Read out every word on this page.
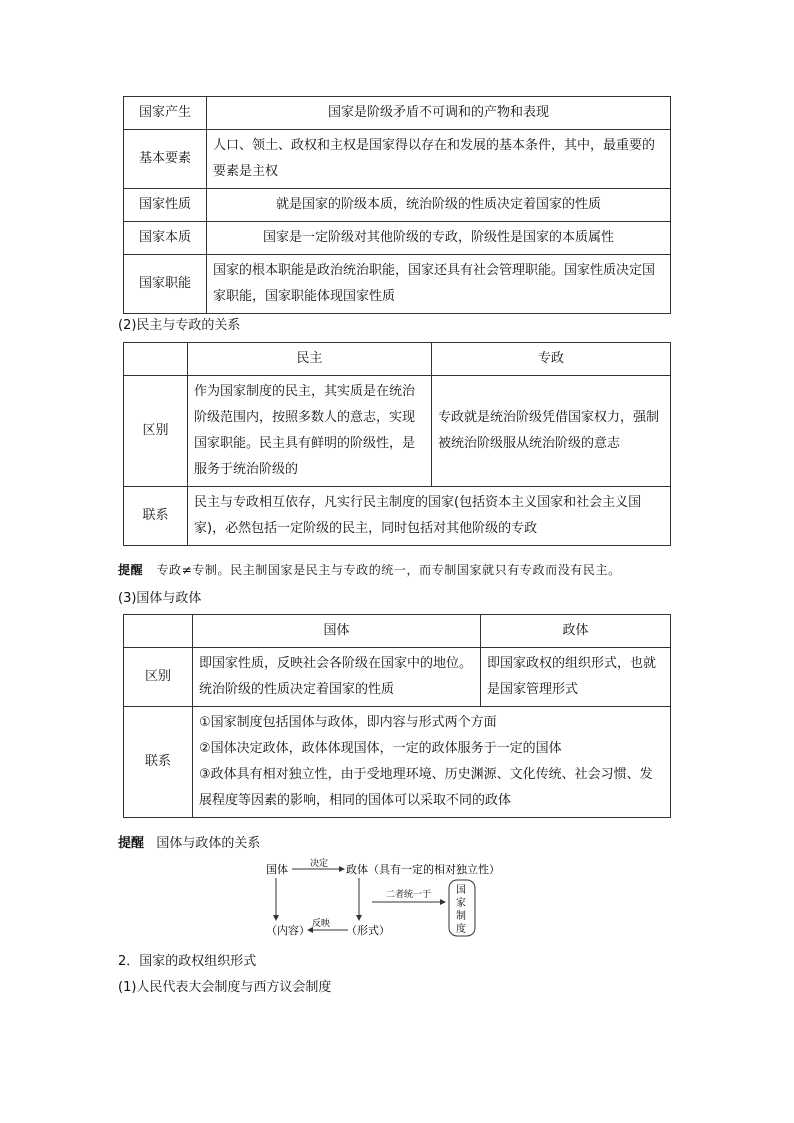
国家产生	国家是阶级矛盾不可调和的产物和表现
基本要素	人口、领土、政权和主权是国家得以存在和发展的基本条件，其中，最重要的要素是主权
国家性质	就是国家的阶级本质，统治阶级的性质决定着国家的性质
国家本质	国家是一定阶级对其他阶级的专政，阶级性是国家的本质属性
国家职能	国家的根本职能是政治统治职能，国家还具有社会管理职能。国家性质决定国家职能，国家职能体现国家性质
(2)民主与专政的关系
	民主	专政
区别	作为国家制度的民主，其实质是在统治阶级范围内，按照多数人的意志，实现国家职能。民主具有鲜明的阶级性，是服务于统治阶级的	专政就是统治阶级凭借国家权力，强制被统治阶级服从统治阶级的意志
联系	民主与专政相互依存，凡实行民主制度的国家(包括资本主义国家和社会主义国家)，必然包括一定阶级的民主，同时包括对其他阶级的专政	
提醒 专政≠专制。民主制国家是民主与专政的统一，而专制国家就只有专政而没有民主。
(3)国体与政体
	国体	政体
区别	即国家性质，反映社会各阶级在国家中的地位。统治阶级的性质决定着国家的性质	即国家政权的组织形式，也就是国家管理形式
联系	①国家制度包括国体与政体，即内容与形式两个方面
②国体决定政体，政体体现国体，一定的政体服务于一定的国体
③政体具有相对独立性，由于受地理环境、历史渊源、文化传统、社会习惯、发展程度等因素的影响，相同的国体可以采取不同的政体	
提醒 国体与政体的关系
国体 决定 政体（具有一定的相对独立性）
（内容） 反映 （形式）
二者统一于 国
家
制
度
2．国家的政权组织形式
(1)人民代表大会制度与西方议会制度
